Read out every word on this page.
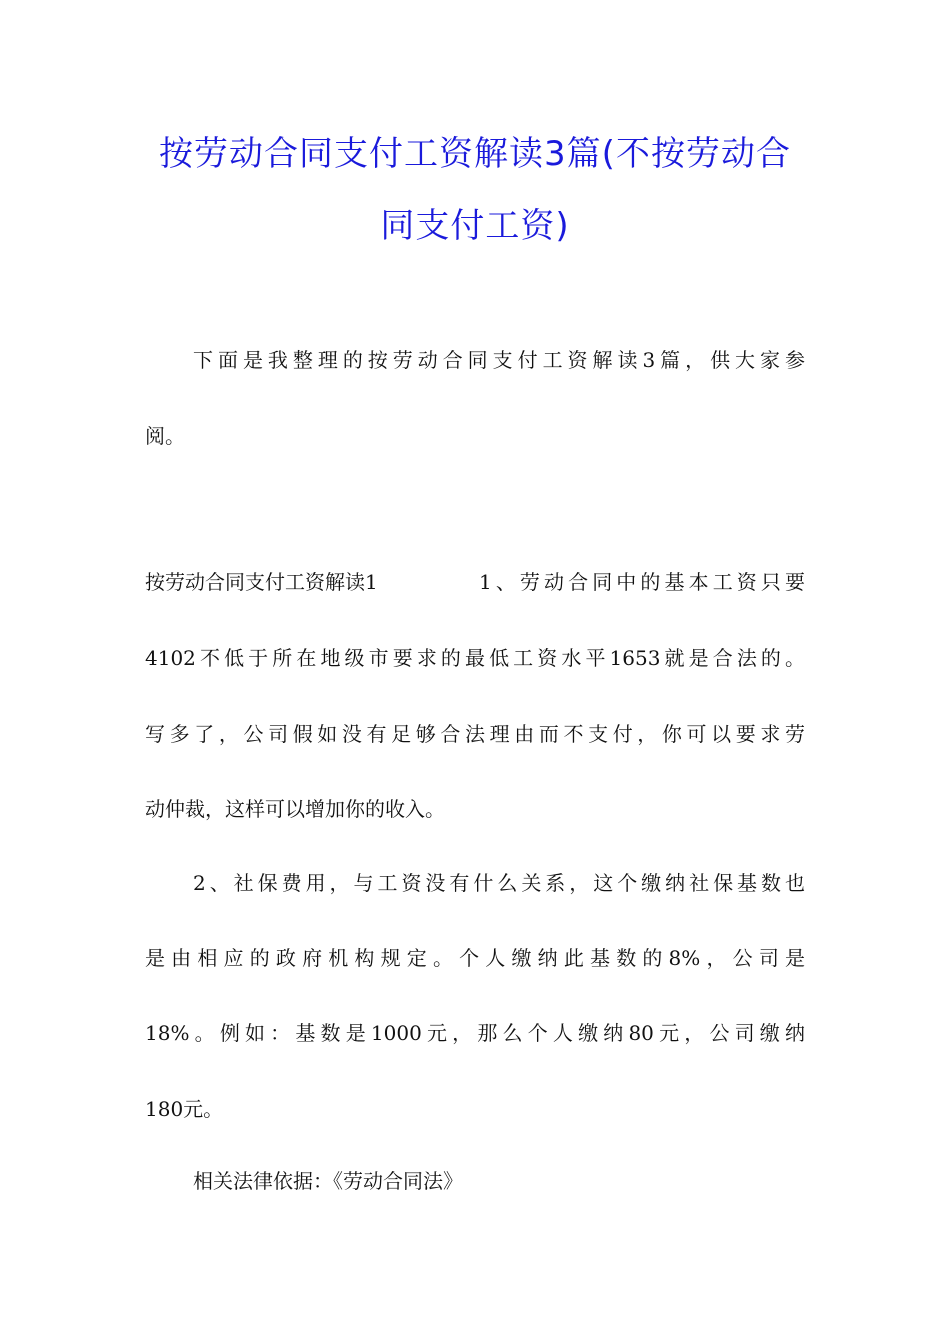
按劳动合同支付工资解读3篇(不按劳动合
同支付工资)
下面是我整理的按劳动合同支付工资解读3篇，供大家参
阅。
按劳动合同支付工资解读1	1、劳动合同中的基本工资只要
4102不低于所在地级市要求的最低工资水平1653就是合法的。
写多了，公司假如没有足够合法理由而不支付，你可以要求劳
动仲裁，这样可以增加你的收入。
2、社保费用，与工资没有什么关系，这个缴纳社保基数也
是由相应的政府机构规定。个人缴纳此基数的8%，公司是
18%。例如：基数是1000元，那么个人缴纳80元，公司缴纳
180元。
相关法律依据：《劳动合同法》
